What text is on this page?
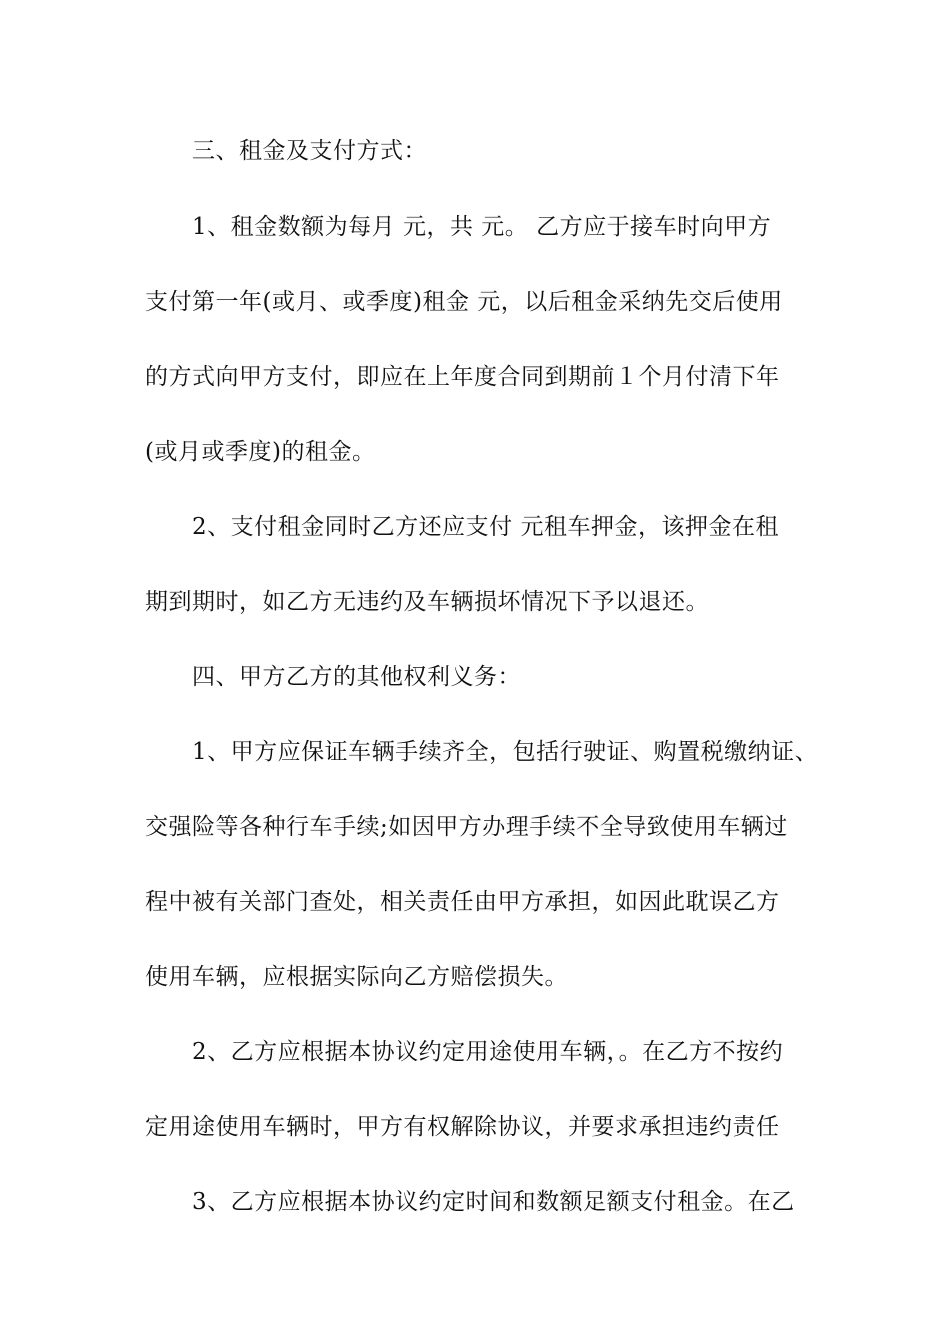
三、租金及支付方式：
1、租金数额为每月 元，共 元。 乙方应于接车时向甲方
支付第一年(或月、或季度)租金 元，以后租金采纳先交后使用
的方式向甲方支付，即应在上年度合同到期前１个月付清下年
(或月或季度)的租金。
2、支付租金同时乙方还应支付 元租车押金，该押金在租
期到期时，如乙方无违约及车辆损坏情况下予以退还。
四、甲方乙方的其他权利义务：
1、甲方应保证车辆手续齐全，包括行驶证、购置税缴纳证、
交强险等各种行车手续;如因甲方办理手续不全导致使用车辆过
程中被有关部门查处，相关责任由甲方承担，如因此耽误乙方
使用车辆，应根据实际向乙方赔偿损失。
2、乙方应根据本协议约定用途使用车辆，。在乙方不按约
定用途使用车辆时，甲方有权解除协议，并要求承担违约责任
3、乙方应根据本协议约定时间和数额足额支付租金。在乙
